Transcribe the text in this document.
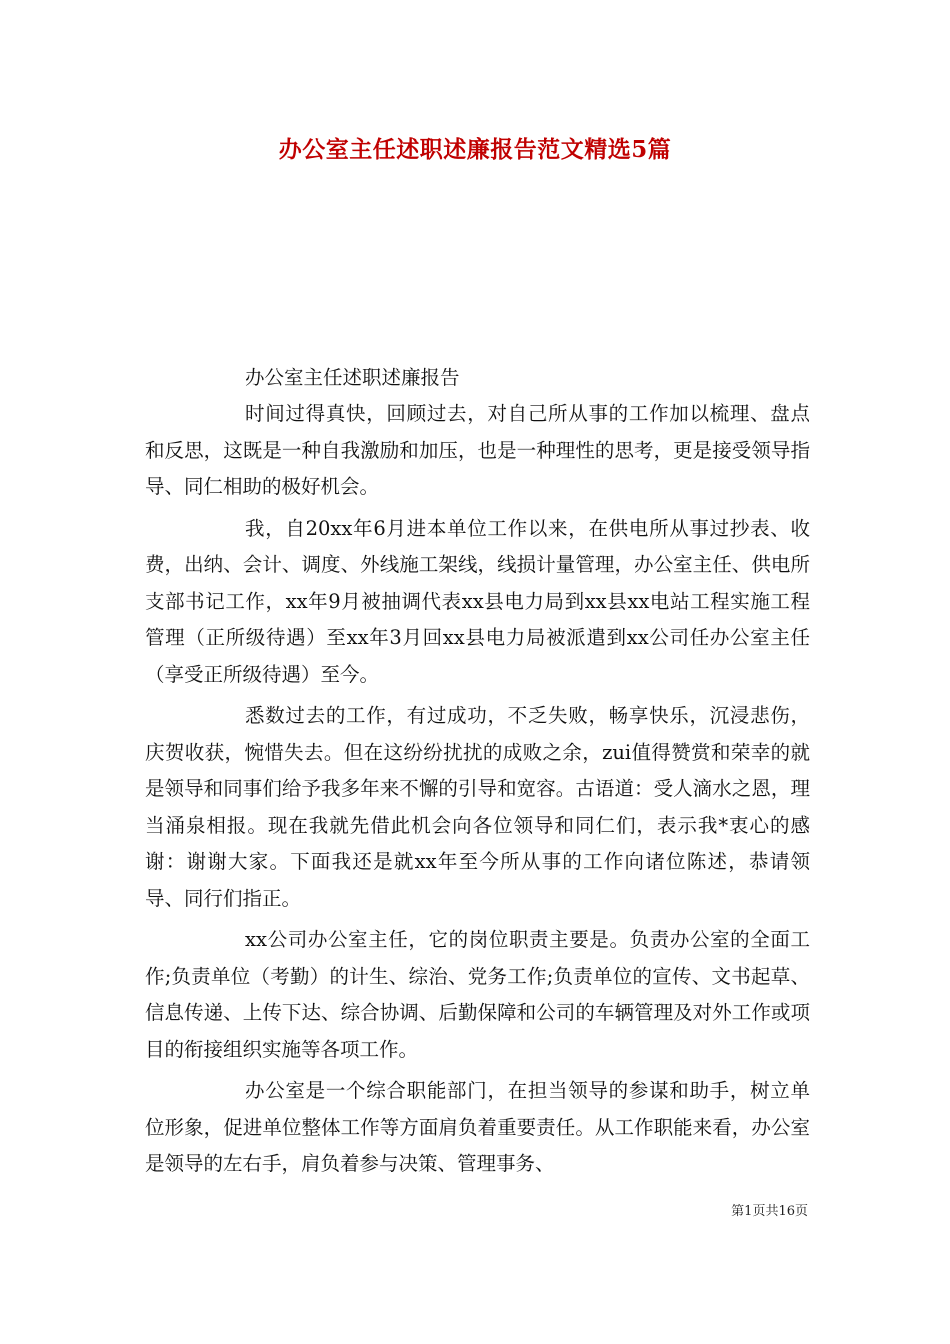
办公室主任述职述廉报告范文精选5篇

办公室主任述职述廉报告

时间过得真快，回顾过去，对自己所从事的工作加以梳理、盘点和反思，这既是一种自我激励和加压，也是一种理性的思考，更是接受领导指导、同仁相助的极好机会。

我，自20xx年6月进本单位工作以来，在供电所从事过抄表、收费，出纳、会计、调度、外线施工架线，线损计量管理，办公室主任、供电所支部书记工作，xx年9月被抽调代表xx县电力局到xx县xx电站工程实施工程管理（正所级待遇）至xx年3月回xx县电力局被派遣到xx公司任办公室主任（享受正所级待遇）至今。

悉数过去的工作，有过成功，不乏失败，畅享快乐，沉浸悲伤，庆贺收获，惋惜失去。但在这纷纷扰扰的成败之余，zui值得赞赏和荣幸的就是领导和同事们给予我多年来不懈的引导和宽容。古语道：受人滴水之恩，理当涌泉相报。现在我就先借此机会向各位领导和同仁们，表示我*衷心的感谢：谢谢大家。下面我还是就xx年至今所从事的工作向诸位陈述，恭请领导、同行们指正。

xx公司办公室主任，它的岗位职责主要是。负责办公室的全面工作;负责单位（考勤）的计生、综治、党务工作;负责单位的宣传、文书起草、信息传递、上传下达、综合协调、后勤保障和公司的车辆管理及对外工作或项目的衔接组织实施等各项工作。

办公室是一个综合职能部门，在担当领导的参谋和助手，树立单位形象，促进单位整体工作等方面肩负着重要责任。从工作职能来看，办公室是领导的左右手，肩负着参与决策、管理事务、

第1页共16页
